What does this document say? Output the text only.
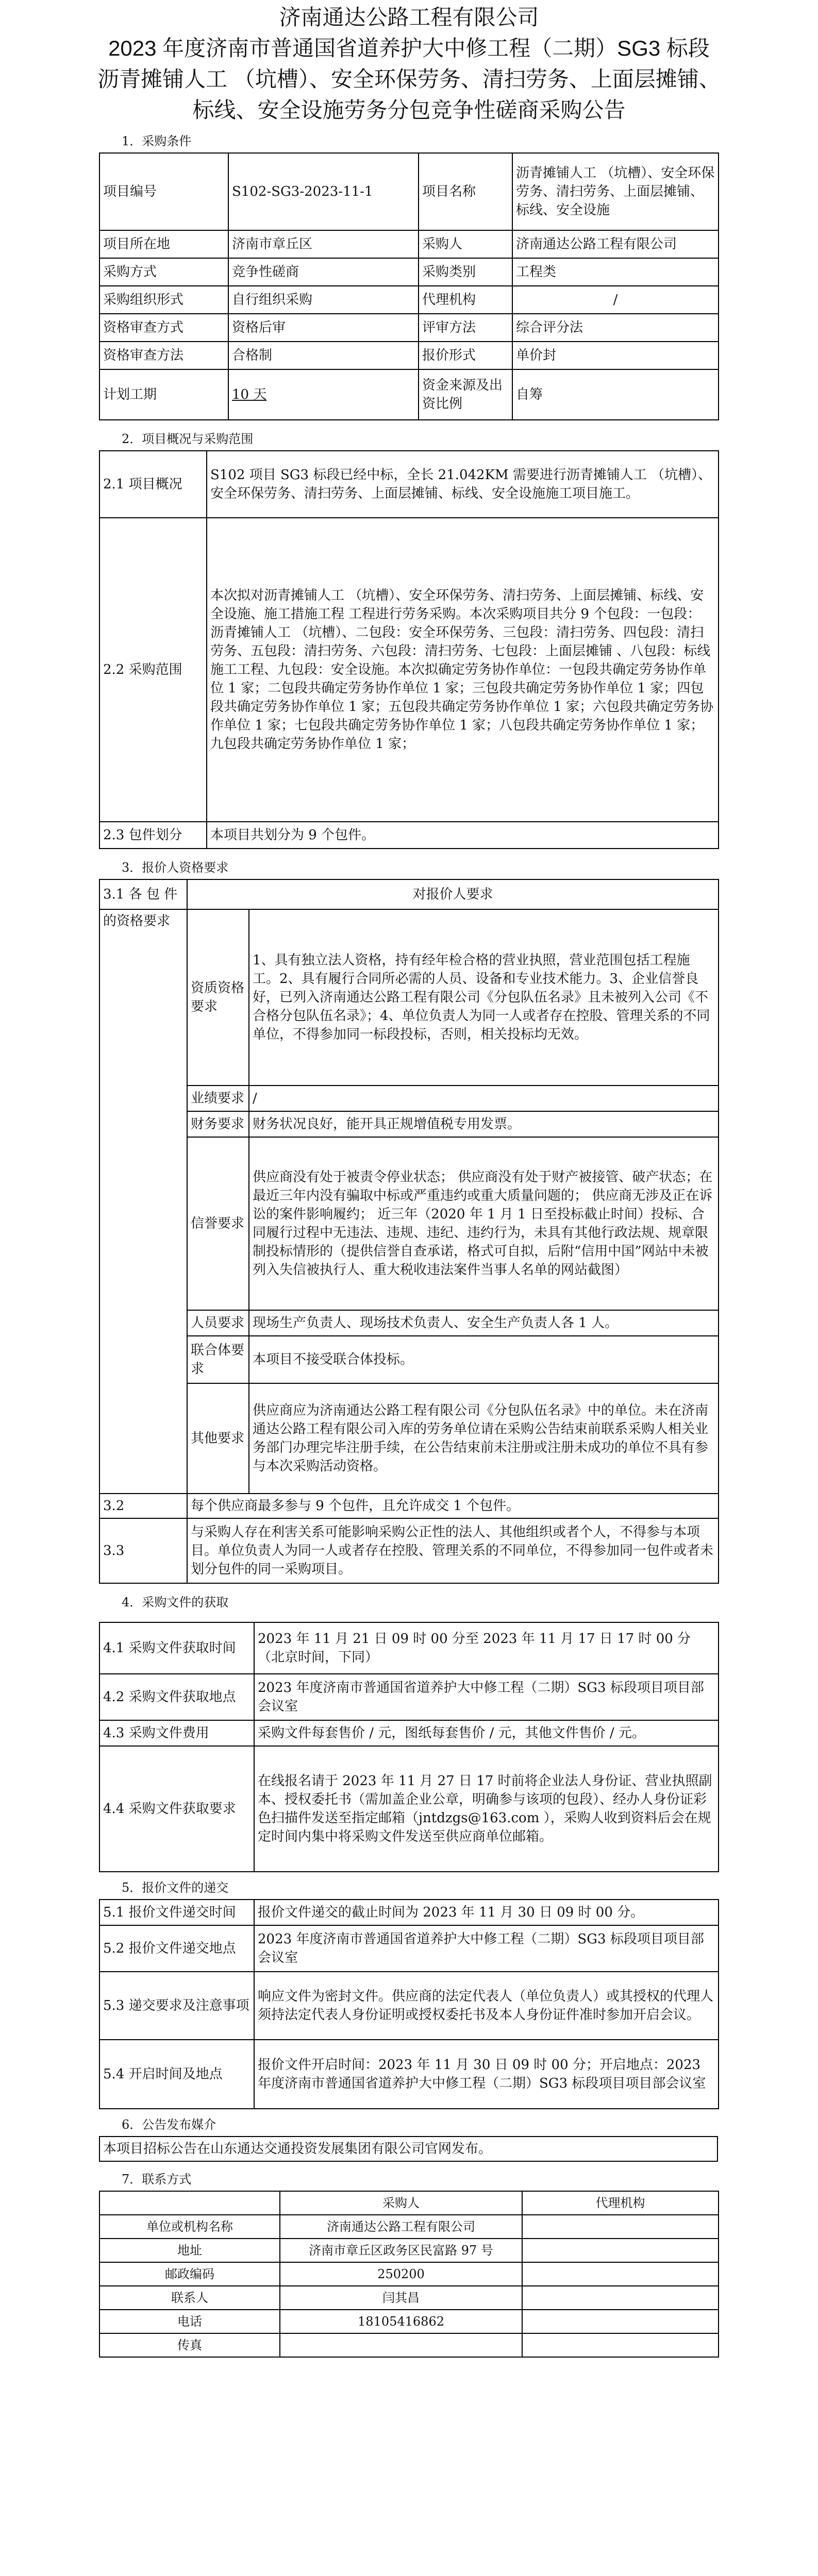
济南通达公路工程有限公司
2023 年度济南市普通国省道养护大中修工程（二期）SG3 标段
沥青摊铺人工 （坑槽）、安全环保劳务、清扫劳务、上面层摊铺、
标线、安全设施劳务分包竞争性磋商采购公告
1．采购条件
项目编号	S102-SG3-2023-11-1	项目名称	沥青摊铺人工 （坑槽）、安全环保劳务、清扫劳务、上面层摊铺、标线、安全设施
项目所在地	济南市章丘区	采购人	济南通达公路工程有限公司
采购方式	竞争性磋商	采购类别	工程类
采购组织形式	自行组织采购	代理机构	/
资格审查方式	资格后审	评审方法	综合评分法
资格审查方法	合格制	报价形式	单价封
计划工期	10 天	资金来源及出资比例	自筹
2．项目概况与采购范围
2.1 项目概况	S102 项目 SG3 标段已经中标，全长 21.042KM 需要进行沥青摊铺人工 （坑槽）、安全环保劳务、清扫劳务、上面层摊铺、标线、安全设施施工项目施工。
2.2 采购范围	本次拟对沥青摊铺人工 （坑槽）、安全环保劳务、清扫劳务、上面层摊铺、标线、安全设施、施工措施工程 工程进行劳务采购。本次采购项目共分 9 个包段：一包段： 沥青摊铺人工 （坑槽）、二包段：安全环保劳务、三包段：清扫劳务、四包段：清扫劳务、五包段：清扫劳务、六包段：清扫劳务、七包段：上面层摊铺 、八包段：标线施工工程、九包段：安全设施。本次拟确定劳务协作单位：一包段共确定劳务协作单位 1 家；二包段共确定劳务协作单位 1 家；三包段共确定劳务协作单位 1 家；四包段共确定劳务协作单位 1 家；五包段共确定劳务协作单位 1 家；六包段共确定劳务协作单位 1 家；七包段共确定劳务协作单位 1 家；八包段共确定劳务协作单位 1 家；九包段共确定劳务协作单位 1 家；
2.3 包件划分	本项目共划分为 9 个包件。
3．报价人资格要求
3.1 各 包 件	对报价人要求	
的资格要求	资质资格要求	1、具有独立法人资格，持有经年检合格的营业执照，营业范围包括工程施工。2、具有履行合同所必需的人员、设备和专业技术能力。3、企业信誉良好，已列入济南通达公路工程有限公司《分包队伍名录》且未被列入公司《不合格分包队伍名录》；4、单位负责人为同一人或者存在控股、管理关系的不同单位，不得参加同一标段投标，否则，相关投标均无效。
	业绩要求	/
	财务要求	财务状况良好，能开具正规增值税专用发票。
	信誉要求	供应商没有处于被责令停业状态； 供应商没有处于财产被接管、破产状态；在最近三年内没有骗取中标或严重违约或重大质量问题的； 供应商无涉及正在诉讼的案件影响履约； 近三年（2020 年 1 月 1 日至投标截止时间）投标、合同履行过程中无违法、违规、违纪、违约行为，未具有其他行政法规、规章限制投标情形的（提供信誉自查承诺，格式可自拟，后附“信用中国”网站中未被列入失信被执行人、重大税收违法案件当事人名单的网站截图）
	人员要求	现场生产负责人、现场技术负责人、安全生产负责人各 1 人。
	联合体要求	本项目不接受联合体投标。
	其他要求	供应商应为济南通达公路工程有限公司《分包队伍名录》中的单位。未在济南通达公路工程有限公司入库的劳务单位请在采购公告结束前联系采购人相关业务部门办理完毕注册手续，在公告结束前未注册或注册未成功的单位不具有参与本次采购活动资格。
3.2	每个供应商最多参与 9 个包件，且允许成交 1 个包件。	
3.3	与采购人存在利害关系可能影响采购公正性的法人、其他组织或者个人，不得参与本项目。单位负责人为同一人或者存在控股、管理关系的不同单位，不得参加同一包件或者未划分包件的同一采购项目。	
4．采购文件的获取
4.1 采购文件获取时间	2023 年 11 月 21 日 09 时 00 分至 2023 年 11 月 17 日 17 时 00 分（北京时间，下同）
4.2 采购文件获取地点	2023 年度济南市普通国省道养护大中修工程（二期）SG3 标段项目项目部会议室
4.3 采购文件费用	采购文件每套售价 / 元，图纸每套售价 / 元，其他文件售价 / 元。
4.4 采购文件获取要求	在线报名请于 2023 年 11 月 27 日 17 时前将企业法人身份证、营业执照副本、授权委托书（需加盖企业公章，明确参与该项的包段）、经办人身份证彩色扫描件发送至指定邮箱（jntdzgs@163.com ），采购人收到资料后会在规定时间内集中将采购文件发送至供应商单位邮箱。
5．报价文件的递交
5.1 报价文件递交时间	报价文件递交的截止时间为 2023 年 11 月 30 日 09 时 00 分。
5.2 报价文件递交地点	2023 年度济南市普通国省道养护大中修工程（二期）SG3 标段项目项目部会议室
5.3 递交要求及注意事项	响应文件为密封文件。供应商的法定代表人（单位负责人）或其授权的代理人须持法定代表人身份证明或授权委托书及本人身份证件准时参加开启会议。
5.4 开启时间及地点	报价文件开启时间：2023 年 11 月 30 日 09 时 00 分；开启地点：2023 年度济南市普通国省道养护大中修工程（二期）SG3 标段项目项目部会议室
6．公告发布媒介
本项目招标公告在山东通达交通投资发展集团有限公司官网发布。
7．联系方式
	采购人	代理机构
单位或机构名称	济南通达公路工程有限公司	
地址	济南市章丘区政务区民富路 97 号	
邮政编码	250200	
联系人	闫其昌	
电话	18105416862	
传真		
